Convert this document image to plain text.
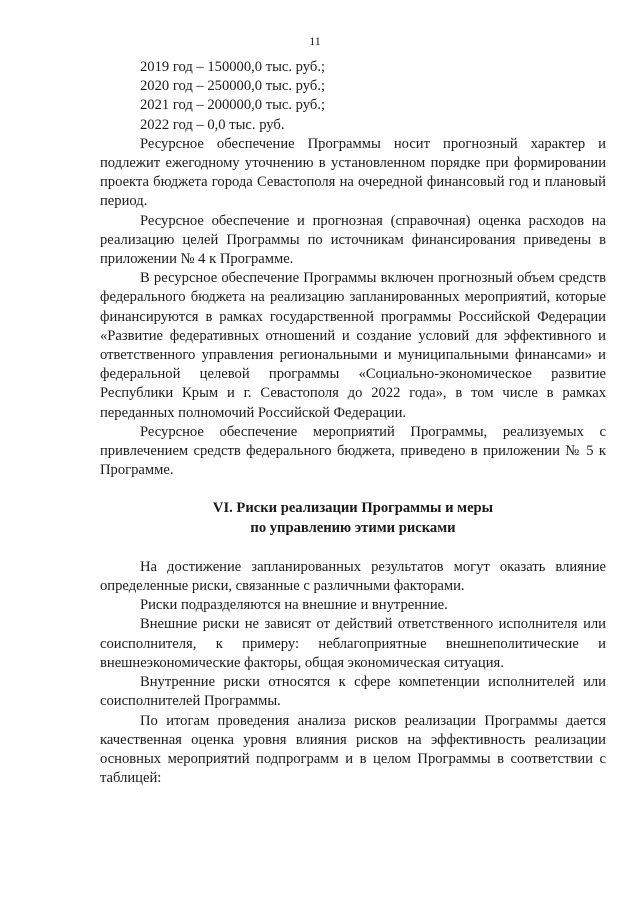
11

2019 год – 150000,0 тыс. руб.;

2020 год – 250000,0 тыс. руб.;

2021 год – 200000,0 тыс. руб.;

2022 год – 0,0 тыс. руб.

Ресурсное обеспечение Программы носит прогнозный характер и подлежит ежегодному уточнению в установленном порядке при формировании проекта бюджета города Севастополя на очередной финансовый год и плановый период.

Ресурсное обеспечение и прогнозная (справочная) оценка расходов на реализацию целей Программы по источникам финансирования приведены в приложении № 4 к Программе.

В ресурсное обеспечение Программы включен прогнозный объем средств федерального бюджета на реализацию запланированных мероприятий, которые финансируются в рамках государственной программы Российской Федерации «Развитие федеративных отношений и создание условий для эффективного и ответственного управления региональными и муниципальными финансами» и федеральной целевой программы «Социально-экономическое развитие Республики Крым и г. Севастополя до 2022 года», в том числе в рамках переданных полномочий Российской Федерации.

Ресурсное обеспечение мероприятий Программы, реализуемых с привлечением средств федерального бюджета, приведено в приложении № 5 к Программе.

VI. Риски реализации Программы и меры

по управлению этими рисками

На достижение запланированных результатов могут оказать влияние определенные риски, связанные с различными факторами.

Риски подразделяются на внешние и внутренние.

Внешние риски не зависят от действий ответственного исполнителя или соисполнителя, к примеру: неблагоприятные внешнеполитические и внешнеэкономические факторы, общая экономическая ситуация.

Внутренние риски относятся к сфере компетенции исполнителей или соисполнителей Программы.

По итогам проведения анализа рисков реализации Программы дается качественная оценка уровня влияния рисков на эффективность реализации основных мероприятий подпрограмм и в целом Программы в соответствии с таблицей:
